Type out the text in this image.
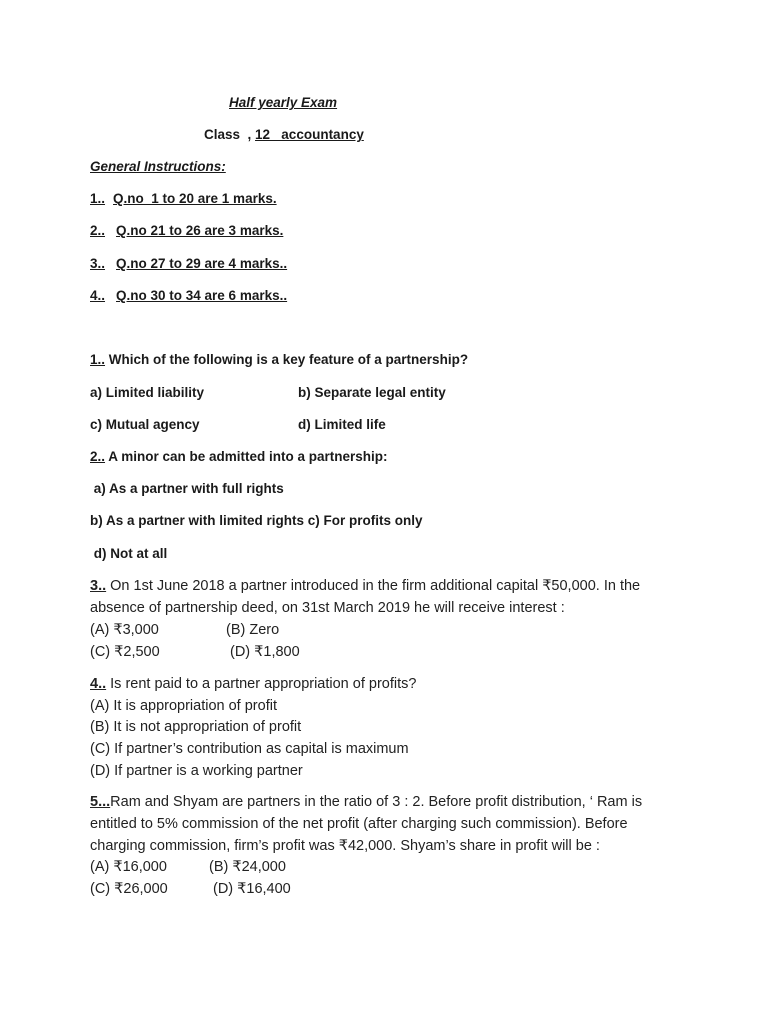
Half yearly Exam
Class  , 12   accountancy
General Instructions:
1.. Q.no  1 to 20 are 1 marks.
2.. Q.no 21 to 26 are 3 marks.
3.. Q.no 27 to 29 are 4 marks..
4.. Q.no 30 to 34 are 6 marks..
1.. Which of the following is a key feature of a partnership?
a) Limited liability	b) Separate legal entity
c) Mutual agency	d) Limited life
2.. A minor can be admitted into a partnership:
a) As a partner with full rights
b) As a partner with limited rights c) For profits only
d) Not at all
3.. On 1st June 2018 a partner introduced in the firm additional capital ₹50,000. In the
absence of partnership deed, on 31st March 2019 he will receive interest :
(A) ₹3,000	(B) Zero
(C) ₹2,500	(D) ₹1,800
4.. Is rent paid to a partner appropriation of profits?
(A) It is appropriation of profit
(B) It is not appropriation of profit
(C) If partner’s contribution as capital is maximum
(D) If partner is a working partner
5...Ram and Shyam are partners in the ratio of 3 : 2. Before profit distribution, ‘ Ram is
entitled to 5% commission of the net profit (after charging such commission). Before
charging commission, firm’s profit was ₹42,000. Shyam’s share in profit will be :
(A) ₹16,000	(B) ₹24,000
(C) ₹26,000	(D) ₹16,400
